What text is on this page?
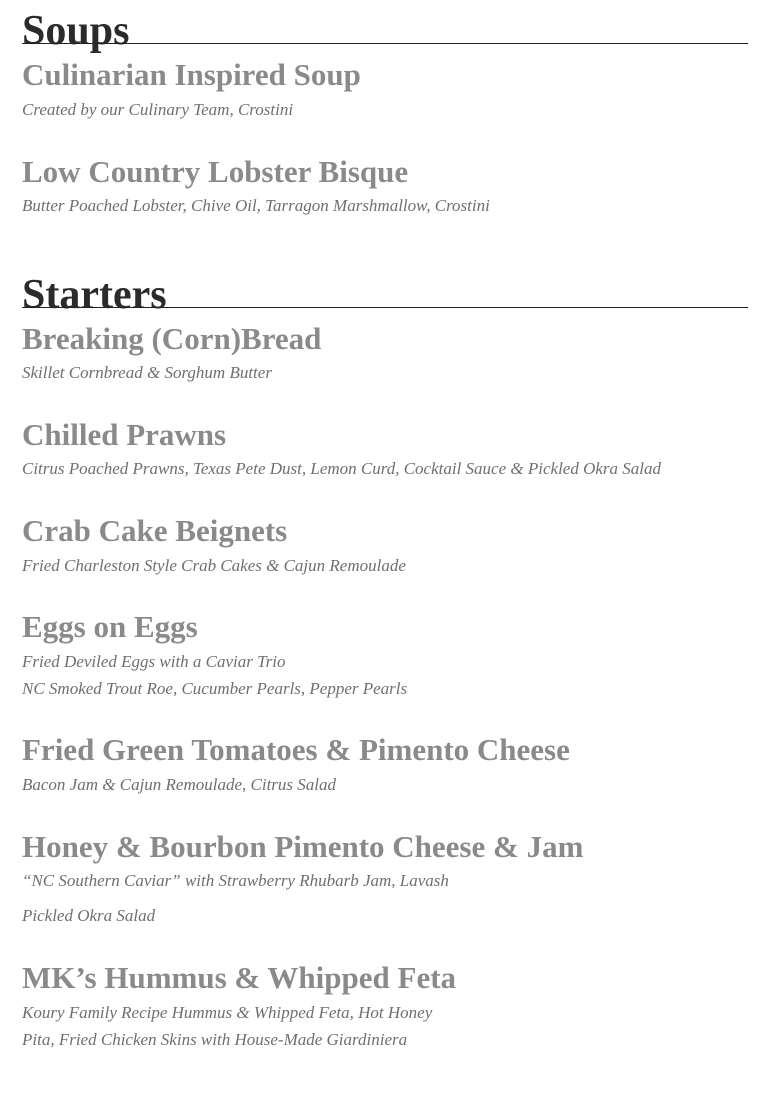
Soups
Culinarian Inspired Soup

Created by our Culinary Team, Crostini

Low Country Lobster Bisque

Butter Poached Lobster, Chive Oil, Tarragon Marshmallow, Crostini

Starters
Breaking (Corn)Bread

Skillet Cornbread & Sorghum Butter

Chilled Prawns

Citrus Poached Prawns, Texas Pete Dust, Lemon Curd, Cocktail Sauce & Pickled Okra Salad

Crab Cake Beignets

Fried Charleston Style Crab Cakes & Cajun Remoulade

Eggs on Eggs

Fried Deviled Eggs with a Caviar Trio

NC Smoked Trout Roe, Cucumber Pearls, Pepper Pearls

Fried Green Tomatoes & Pimento Cheese

Bacon Jam & Cajun Remoulade, Citrus Salad

Honey & Bourbon Pimento Cheese & Jam

“NC Southern Caviar” with Strawberry Rhubarb Jam, Lavash

Pickled Okra Salad

MK’s Hummus & Whipped Feta

Koury Family Recipe Hummus & Whipped Feta, Hot Honey

Pita, Fried Chicken Skins with House-Made Giardiniera
